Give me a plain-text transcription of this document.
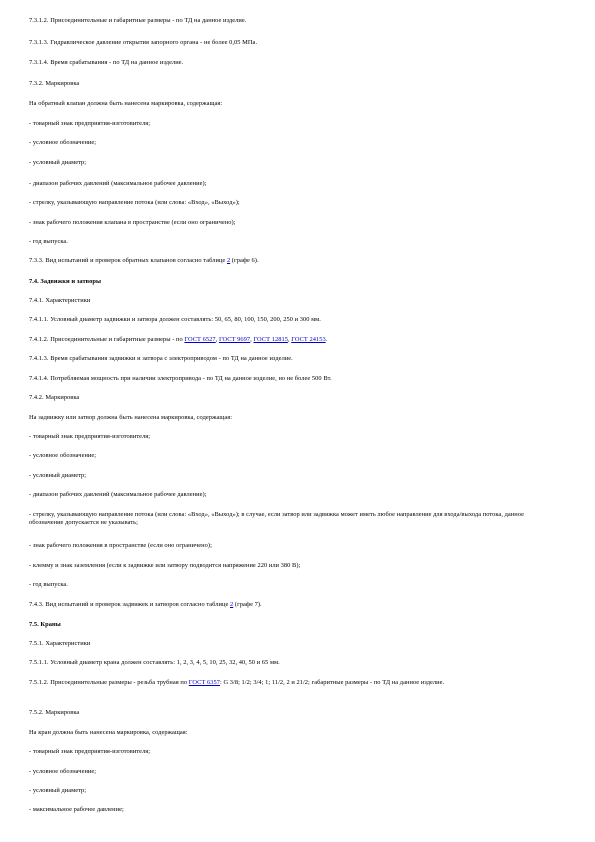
7.3.1.2. Присоединительные и габаритные размеры - по ТД на данное изделие.
7.3.1.3. Гидравлическое давление открытия запорного органа - не более 0,05 МПа.
7.3.1.4. Время срабатывания - по ТД на данное изделие.
7.3.2. Маркировка
На обратный клапан должна быть нанесена маркировка, содержащая:
- товарный знак предприятия-изготовителя;
- условное обозначение;
- условный диаметр;
- диапазон рабочих давлений (максимальное рабочее давление);
- стрелку, указывающую направление потока (или слова: «Вход», «Выход»);
- знак рабочего положения клапана в пространстве (если оно ограничено);
- год выпуска.
7.3.3. Вид испытаний и проверок обратных клапанов согласно таблице 2 (графе 6).
7.4. Задвижки и затворы
7.4.1. Характеристики
7.4.1.1. Условный диаметр задвижки и затвора должен составлять: 50, 65, 80, 100, 150, 200, 250 и 300 мм.
7.4.1.2. Присоединительные и габаритные размеры - по ГОСТ 6527, ГОСТ 9697, ГОСТ 12815, ГОСТ 24153.
7.4.1.3. Время срабатывания задвижки и затвора с электроприводом - по ТД на данное изделие.
7.4.1.4. Потребляемая мощность при наличии электропривода - по ТД на данное изделие, но не более 500 Вт.
7.4.2. Маркировка
На задвижку или затвор должна быть нанесена маркировка, содержащая:
- товарный знак предприятия-изготовителя;
- условное обозначение;
- условный диаметр;
- диапазон рабочих давлений (максимальное рабочее давление);
- стрелку, указывающую направление потока (или слова: «Вход», «Выход»); в случае, если затвор или задвижка может иметь любое направление для входа/выхода потока, данное обозначение допускается не указывать;
- знак рабочего положения в пространстве (если оно ограничено);
- клемму и знак заземления (если к задвижке или затвору подводится напряжение 220 или 380 В);
- год выпуска.
7.4.3. Вид испытаний и проверок задвижек и затворов согласно таблице 2 (графе 7).
7.5. Краны
7.5.1. Характеристики
7.5.1.1. Условный диаметр крана должен составлять: 1, 2, 3, 4, 5, 10, 25, 32, 40, 50 и 65 мм.
7.5.1.2. Присоединительные размеры - резьба трубная по ГОСТ 6357: G 3/8; 1/2; 3/4; 1; 11/2, 2 и 21/2; габаритные размеры - по ТД на данное изделие.
7.5.2. Маркировка
На кран должна быть нанесена маркировка, содержащая:
- товарный знак предприятия-изготовителя;
- условное обозначение;
- условный диаметр;
- максимальное рабочее давление;
